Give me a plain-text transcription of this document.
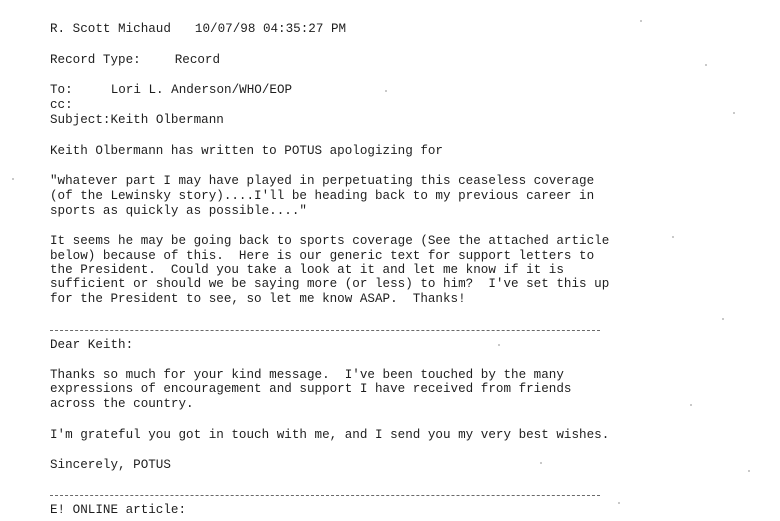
R. Scott Michaud 10/07/98 04:35:27 PM
Record Type:	Record
To:	Lori L. Anderson/WHO/EOP
cc:
Subject:Keith Olbermann
Keith Olbermann has written to POTUS apologizing for
"whatever part I may have played in perpetuating this ceaseless coverage
(of the Lewinsky story)....I'll be heading back to my previous career in
sports as quickly as possible...."
It seems he may be going back to sports coverage (See the attached article
below) because of this.  Here is our generic text for support letters to
the President.  Could you take a look at it and let me know if it is
sufficient or should we be saying more (or less) to him?  I've set this up
for the President to see, so let me know ASAP.  Thanks!
Dear Keith:
Thanks so much for your kind message.  I've been touched by the many
expressions of encouragement and support I have received from friends
across the country.
I'm grateful you got in touch with me, and I send you my very best wishes.
Sincerely, POTUS
E! ONLINE article:
